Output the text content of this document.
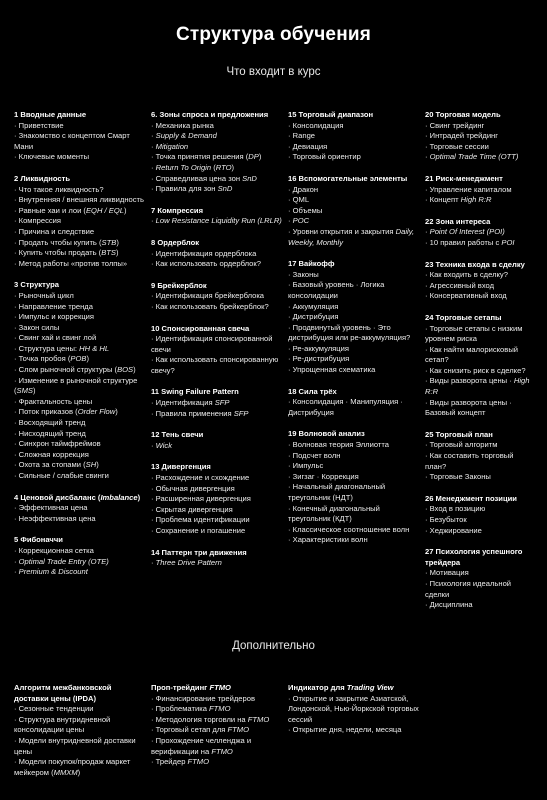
Структура обучения
Что входит в курс
1 Вводные данные
· Приветствие
· Знакомство с концептом Смарт Мани
· Ключевые моменты
2 Ликвидность
· Что такое ликвидность?
· Внутренняя / внешняя ликвидность
· Равные хаи и лои (EQH / EQL)
· Компрессия
· Причина и следствие
· Продать чтобы купить (STB)
· Купить чтобы продать (BTS)
· Метод работы «против толпы»
3 Структура
· Рыночный цикл
· Направление тренда
· Импульс и коррекция
· Закон силы
· Свинг хай и свинг лой
· Структура цены: HH & HL
· Точка пробоя (POB)
· Слом рыночной структуры (BOS)
· Изменение в рыночной структуре (SMS)
· Фрактальность цены
· Поток приказов (Order Flow)
· Восходящий тренд
· Нисходящий тренд
· Синхрон таймфреймов
· Сложная коррекция
· Охота за стопами (SH)
· Сильные / слабые свинги
4 Ценовой дисбаланс (Imbalance)
· Эффективная цена
· Неэффективная цена
5 Фибоначчи
· Коррекционная сетка
· Optimal Trade Entry (OTE)
· Premium & Discount
6. Зоны спроса и предложения
· Механика рынка
· Supply & Demand
· Mitigation
· Точка принятия решения (DP)
· Return To Origin (RTO)
· Справедливая цена зон SnD
· Правила для зон SnD
7 Компрессия
· Low Resistance Liquidity Run (LRLR)
8 Ордерблок
· Идентификация ордерблока
· Как использовать ордерблок?
9 Брейкерблок
· Идентификация брейкерблока
· Как использовать брейкерблок?
10 Спонсированная свеча
· Идентификация спонсированной свечи
· Как использовать спонсированную свечу?
11 Swing Failure Pattern
· Идентификация SFP
· Правила применения SFP
12 Тень свечи
· Wick
13 Дивергенция
· Расхождение и схождение
· Обычная дивергенция
· Расширенная дивергенция
· Скрытая дивергенция
· Проблема идентификации
· Сохранение и погашение
14 Паттерн три движения
· Three Drive Pattern
15 Торговый диапазон
· Консолидация
· Range
· Девиация
· Торговый ориентир
16 Вспомогательные элементы
· Дракон
· QML
· Объемы
· POC
· Уровни открытия и закрытия Daily, Weekly, Monthly
17 Вайкофф
· Законы
· Базовый уровень · Логика консолидации
· Аккумуляция
· Дистрибуция
· Продвинутый уровень · Это дистрибуция или ре-аккумуляция?
· Ре-аккумуляция
· Ре-дистрибуция
· Упрощенная схематика
18 Сила трёх
· Консолидация · Манипуляция · Дистрибуция
19 Волновой анализ
· Волновая теория Эллиотта
· Подсчет волн
· Импульс
· Зигзаг · Коррекция
· Начальный диагональный треугольник (НДТ)
· Конечный диагональный треугольник (КДТ)
· Классическое соотношение волн
· Характеристики волн
20 Торговая модель
· Свинг трейдинг
· Интрадей трейдинг
· Торговые сессии
· Optimal Trade Time (OTT)
21 Риск-менеджмент
· Управление капиталом
· Концепт High R:R
22 Зона интереса
· Point Of Interest (POI)
· 10 правил работы с POI
23 Техника входа в сделку
· Как входить в сделку?
· Агрессивный вход
· Консервативный вход
24 Торговые сетапы
· Торговые сетапы с низким уровнем риска
· Как найти малорисковый сетап?
· Как снизить риск в сделке?
· Виды разворота цены · High R:R
· Виды разворота цены · Базовый концепт
25 Торговый план
· Торговый алгоритм
· Как составить торговый план?
· Торговые Законы
26 Менеджмент позиции
· Вход в позицию
· Безубыток
· Хеджирование
27 Психология успешного трейдера
· Мотивация
· Психология идеальной сделки
· Дисциплина
Дополнительно
Алгоритм межбанковской доставки цены (IPDA)
· Сезонные тенденции
· Структура внутридневной консолидации цены
· Модели внутридневной доставки цены
· Модели покупок/продаж маркет мейкером (MMXM)
Проп-трейдинг FTMO
· Финансирование трейдеров
· Проблематика FTMO
· Методология торговли на FTMO
· Торговый сетап для FTMO
· Прохождение челленджа и верификации на FTMO
· Трейдер FTMO
Индикатор для Trading View
· Открытие и закрытие Азиатской, Лондонской, Нью-Йоркской торговых сессий
· Открытие дня, недели, месяца
